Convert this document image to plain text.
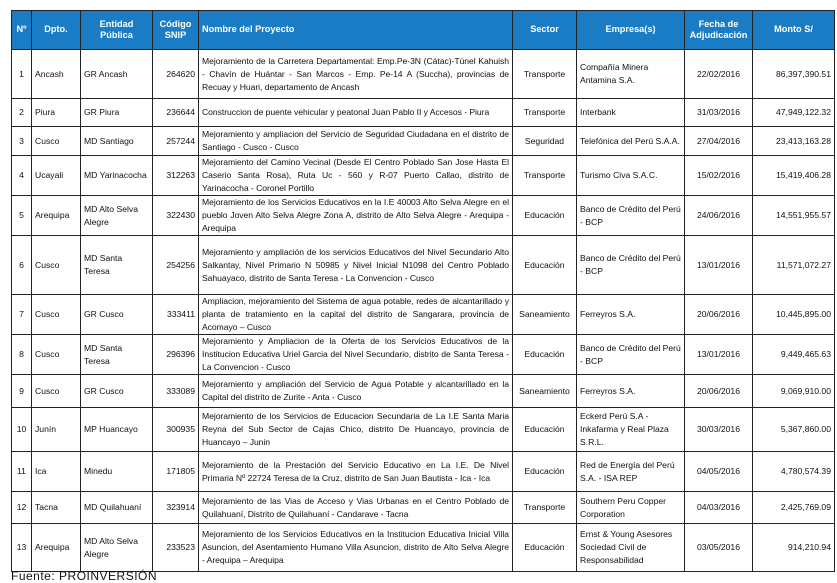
Nº	Dpto.	Entidad Pública	Código SNIP	Nombre del Proyecto	Sector	Empresa(s)	Fecha de Adjudicación	Monto S/
1	Ancash	GR Ancash	264620	Mejoramiento de la Carretera Departamental: Emp.Pe-3N (Cátac)-Túnel Kahuish - Chavín de Huántar - San Marcos - Emp. Pe-14 A (Succha), provincias de Recuay y Huari, departamento de Ancash	Transporte	Compañía Minera Antamina S.A.	22/02/2016	86,397,390.51
2	Piura	GR Piura	236644	Construccion de puente vehicular y peatonal Juan Pablo II y Accesos - Piura	Transporte	Interbank	31/03/2016	47,949,122.32
3	Cusco	MD Santiago	257244	Mejoramiento y ampliacion del Servicio de Seguridad Ciudadana en el distrito de Santiago - Cusco - Cusco	Seguridad	Telefónica del Perú S.A.A.	27/04/2016	23,413,163.28
4	Ucayali	MD Yarinacocha	312263	Mejoramiento del Camino Vecinal (Desde El Centro Poblado San Jose Hasta El Caserio Santa Rosa), Ruta Uc - 560 y R-07 Puerto Callao, distrito de Yarinacocha - Coronel Portillo	Transporte	Turismo Civa S.A.C.	15/02/2016	15,419,406.28
5	Arequipa	MD Alto Selva Alegre	322430	Mejoramiento de los Servicios Educativos en la I.E 40003 Alto Selva Alegre en el pueblo Joven Alto Selva Alegre Zona A, distrito de Alto Selva Alegre - Arequipa - Arequipa	Educación	Banco de Crédito del Perú - BCP	24/06/2016	14,551,955.57
6	Cusco	MD Santa Teresa	254256	Mejoramiento y ampliación de los servicios Educativos del Nivel Secundario Alto Salkantay, Nivel Primario N 50985 y Nivel Inicial N1098 del Centro Poblado Sahuayaco, distrito de Santa Teresa - La Convencion - Cusco	Educación	Banco de Crédito del Perú - BCP	13/01/2016	11,571,072.27
7	Cusco	GR Cusco	333411	Ampliacion, mejoramiento del Sistema de agua potable, redes de alcantarillado y planta de tratamiento en la capital del distrito de Sangarara, provincia de Acomayo – Cusco	Saneamiento	Ferreyros S.A.	20/06/2016	10,445,895.00
8	Cusco	MD Santa Teresa	296396	Mejoramiento y Ampliacion de la Oferta de los Servicios Educativos de la Institucion Educativa Uriel Garcia del Nivel Secundario, distrito de Santa Teresa - La Convencion - Cusco	Educación	Banco de Crédito del Perú - BCP	13/01/2016	9,449,465.63
9	Cusco	GR Cusco	333089	Mejoramiento y ampliación del Servicio de Agua Potable y alcantarillado en la Capital del distrito de Zurite - Anta - Cusco	Saneamiento	Ferreyros S.A.	20/06/2016	9,069,910.00
10	Junín	MP Huancayo	300935	Mejoramiento de los Servicios de Educacion Secundaria de La I.E Santa Maria Reyna del Sub Sector de Cajas Chico, distrito De Huancayo, provincia de Huancayo – Junin	Educación	Eckerd Perú S.A - Inkafarma y Real Plaza S.R.L.	30/03/2016	5,367,860.00
11	Ica	Minedu	171805	Mejoramiento de la Prestación del Servicio Educativo en La I.E. De Nivel Primaria Nº 22724 Teresa de la Cruz, distrito de San Juan Bautista - Ica - Ica	Educación	Red de Energía del Perú S.A. - ISA REP	04/05/2016	4,780,574.39
12	Tacna	MD Quilahuaní	323914	Mejoramiento de las Vias de Acceso y Vias Urbanas en el Centro Poblado de Quilahuaní, Distrito de Quilahuaní - Candarave - Tacna	Transporte	Southern Peru Copper Corporation	04/03/2016	2,425,769.09
13	Arequipa	MD Alto Selva Alegre	233523	Mejoramiento de los Servicios Educativos en la Institucion Educativa Inicial Villa Asuncion, del Asentamiento Humano Villa Asuncion, distrito de Alto Selva Alegre - Arequipa – Arequipa	Educación	Ernst & Young Asesores Sociedad Civil de Responsabilidad	03/05/2016	914,210.94
Fuente: PROINVERSIÓN
